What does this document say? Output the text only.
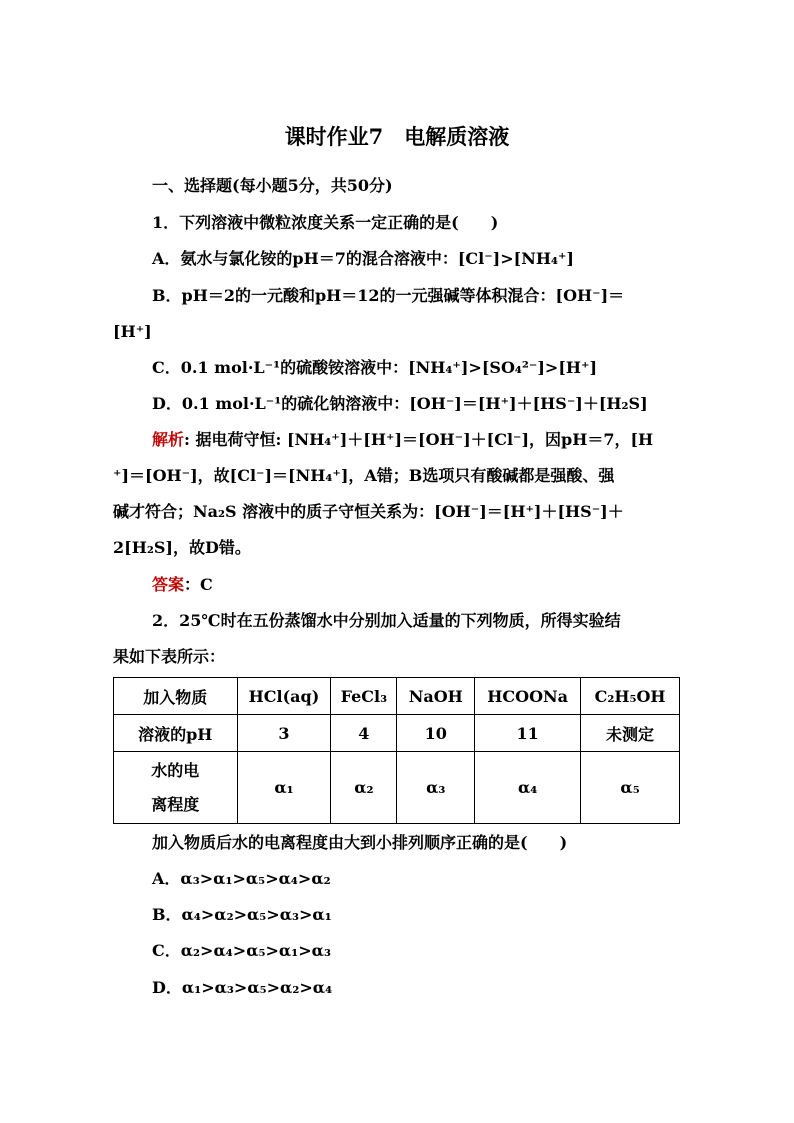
课时作业7　电解质溶液
一、选择题(每小题5分，共50分)
1．下列溶液中微粒浓度关系一定正确的是(　　)
A．氨水与氯化铵的pH＝7的混合溶液中：[Cl⁻]>[NH₄⁺]
B．pH＝2的一元酸和pH＝12的一元强碱等体积混合：[OH⁻]＝
[H⁺]
C．0.1 mol·L⁻¹的硫酸铵溶液中：[NH₄⁺]>[SO₄²⁻]>[H⁺]
D．0.1 mol·L⁻¹的硫化钠溶液中：[OH⁻]＝[H⁺]＋[HS⁻]＋[H₂S]
解析: 据电荷守恒: [NH₄⁺]＋[H⁺]＝[OH⁻]＋[Cl⁻]，因pH＝7，[H
⁺]＝[OH⁻]，故[Cl⁻]＝[NH₄⁺]，A错；B选项只有酸碱都是强酸、强
碱才符合；Na₂S 溶液中的质子守恒关系为：[OH⁻]＝[H⁺]＋[HS⁻]＋
2[H₂S]，故D错。
答案：C
2．25℃时在五份蒸馏水中分别加入适量的下列物质，所得实验结
果如下表所示：
加入物质	HCl(aq)	FeCl₃	NaOH	HCOONa	C₂H₅OH
溶液的pH	3	4	10	11	未测定

水的电
离程度	α₁	α₂	α₃	α₄	α₅
加入物质后水的电离程度由大到小排列顺序正确的是(　　)
A．α₃>α₁>α₅>α₄>α₂
B．α₄>α₂>α₅>α₃>α₁
C．α₂>α₄>α₅>α₁>α₃
D．α₁>α₃>α₅>α₂>α₄
